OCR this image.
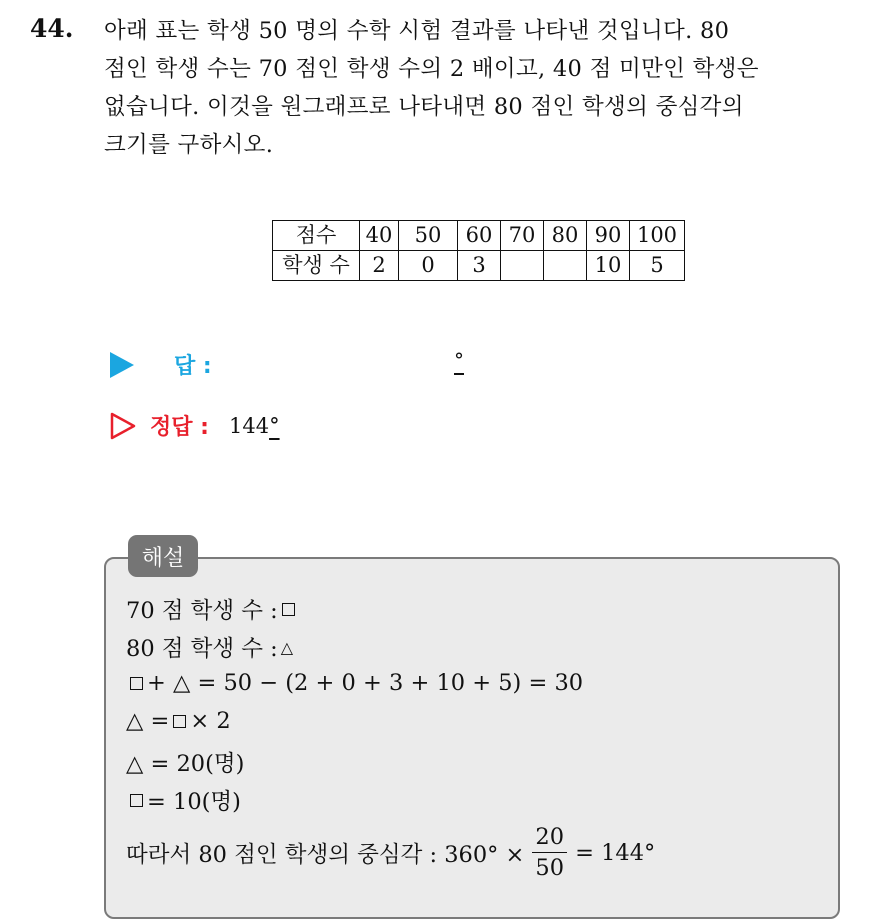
44. 아래 표는 학생 50 명의 수학 시험 결과를 나타낸 것입니다. 80
점인 학생 수는 70 점인 학생 수의 2 배이고, 40 점 미만인 학생은
없습니다. 이것을 원그래프로 나타내면 80 점인 학생의 중심각의
크기를 구하시오.
점수	40	50	60	70	80	90	100
학생 수	2	0	3			10	5
답 :	°
정답 : 144°
해설
70 점 학생 수 :
80 점 학생 수 : △
+ △ = 50 − (2 + 0 + 3 + 10 + 5) = 30
△ = × 2
△ = 20(명)
= 10(명)
따라서 80 점인 학생의 중심각 : $360^\circ \times \frac{20}{50} = 144^\circ$
